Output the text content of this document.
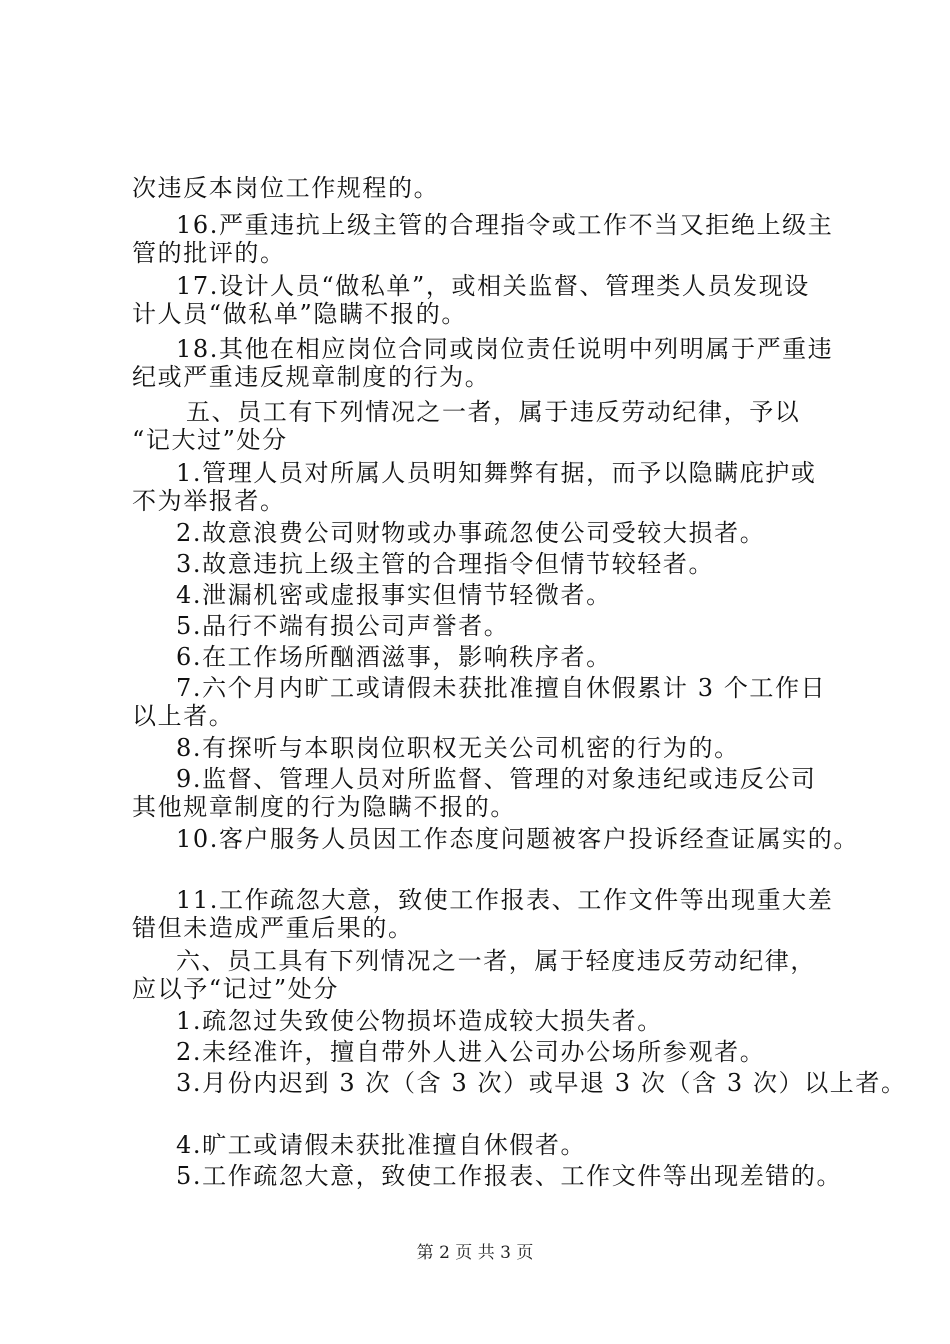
次违反本岗位工作规程的。
16.严重违抗上级主管的合理指令或工作不当又拒绝上级主
管的批评的。
17.设计人员“做私单”，或相关监督、管理类人员发现设
计人员“做私单”隐瞒不报的。
18.其他在相应岗位合同或岗位责任说明中列明属于严重违
纪或严重违反规章制度的行为。
五、员工有下列情况之一者，属于违反劳动纪律，予以
“记大过”处分
1.管理人员对所属人员明知舞弊有据，而予以隐瞒庇护或
不为举报者。
2.故意浪费公司财物或办事疏忽使公司受较大损者。
3.故意违抗上级主管的合理指令但情节较轻者。
4.泄漏机密或虚报事实但情节轻微者。
5.品行不端有损公司声誉者。
6.在工作场所酗酒滋事，影响秩序者。
7.六个月内旷工或请假未获批准擅自休假累计 3 个工作日
以上者。
8.有探听与本职岗位职权无关公司机密的行为的。
9.监督、管理人员对所监督、管理的对象违纪或违反公司
其他规章制度的行为隐瞒不报的。
10.客户服务人员因工作态度问题被客户投诉经查证属实的。
11.工作疏忽大意，致使工作报表、工作文件等出现重大差
错但未造成严重后果的。
六、员工具有下列情况之一者，属于轻度违反劳动纪律，
应以予“记过”处分
1.疏忽过失致使公物损坏造成较大损失者。
2.未经准许，擅自带外人进入公司办公场所参观者。
3.月份内迟到 3 次（含 3 次）或早退 3 次（含 3 次）以上者。
4.旷工或请假未获批准擅自休假者。
5.工作疏忽大意，致使工作报表、工作文件等出现差错的。
第 2 页 共 3 页
